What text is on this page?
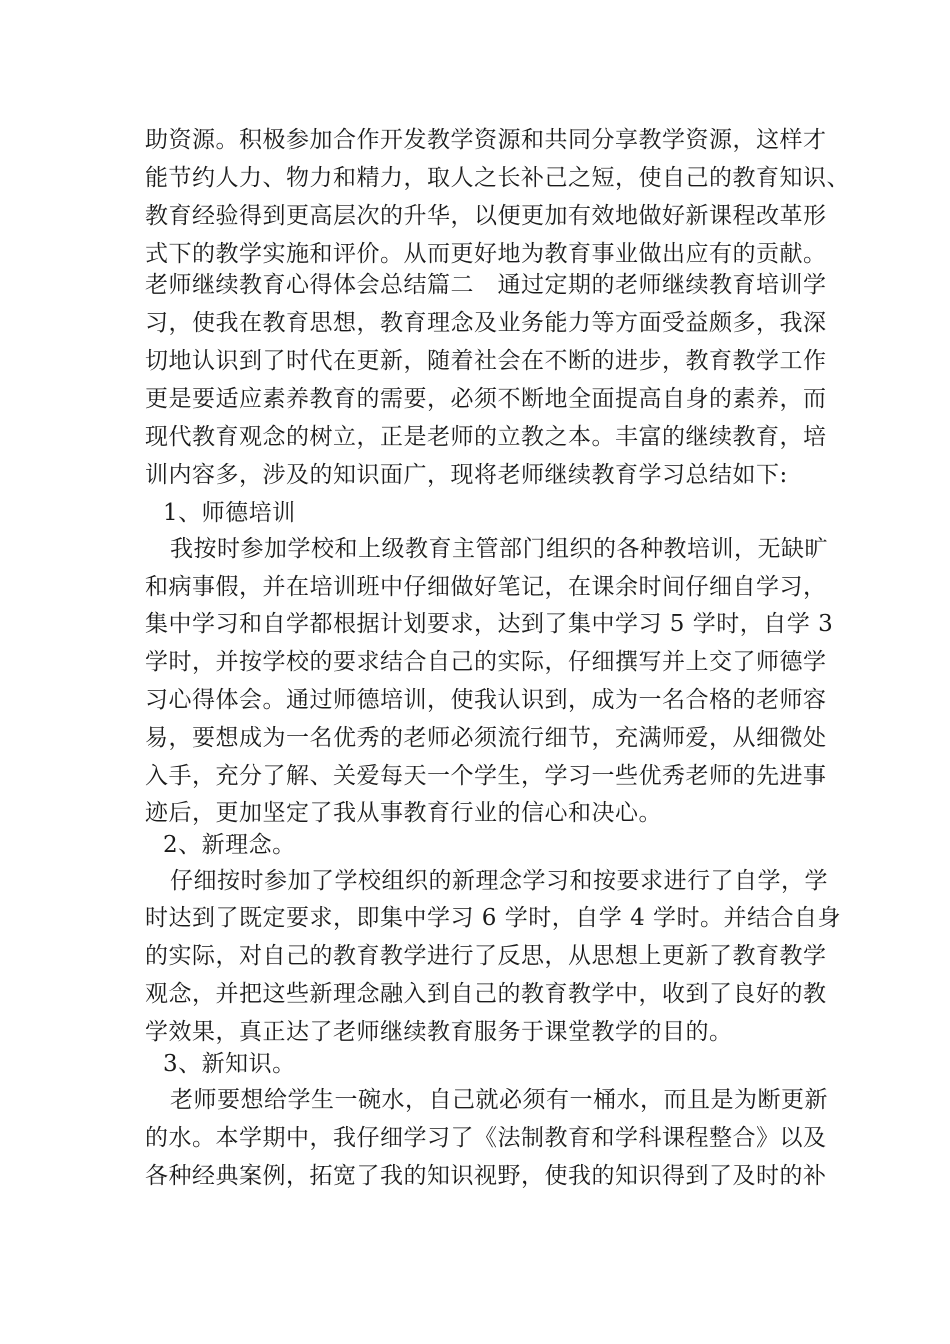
助资源。积极参加合作开发教学资源和共同分享教学资源，这样才
能节约人力、物力和精力，取人之长补己之短，使自己的教育知识、
教育经验得到更高层次的升华，以便更加有效地做好新课程改革形
式下的教学实施和评价。从而更好地为教育事业做出应有的贡献。
老师继续教育心得体会总结篇二　通过定期的老师继续教育培训学
习，使我在教育思想，教育理念及业务能力等方面受益颇多，我深
切地认识到了时代在更新，随着社会在不断的进步，教育教学工作
更是要适应素养教育的需要，必须不断地全面提高自身的素养，而
现代教育观念的树立，正是老师的立教之本。丰富的继续教育，培
训内容多，涉及的知识面广，现将老师继续教育学习总结如下:
1、师德培训
我按时参加学校和上级教育主管部门组织的各种教培训，无缺旷
和病事假，并在培训班中仔细做好笔记，在课余时间仔细自学习，
集中学习和自学都根据计划要求，达到了集中学习 5 学时，自学 3
学时，并按学校的要求结合自己的实际，仔细撰写并上交了师德学
习心得体会。通过师德培训，使我认识到，成为一名合格的老师容
易，要想成为一名优秀的老师必须流行细节，充满师爱，从细微处
入手，充分了解、关爱每天一个学生，学习一些优秀老师的先进事
迹后，更加坚定了我从事教育行业的信心和决心。
2、新理念。
仔细按时参加了学校组织的新理念学习和按要求进行了自学，学
时达到了既定要求，即集中学习 6 学时，自学 4 学时。并结合自身
的实际，对自己的教育教学进行了反思，从思想上更新了教育教学
观念，并把这些新理念融入到自己的教育教学中，收到了良好的教
学效果，真正达了老师继续教育服务于课堂教学的目的。
3、新知识。
老师要想给学生一碗水，自己就必须有一桶水，而且是为断更新
的水。本学期中，我仔细学习了《法制教育和学科课程整合》以及
各种经典案例，拓宽了我的知识视野，使我的知识得到了及时的补
